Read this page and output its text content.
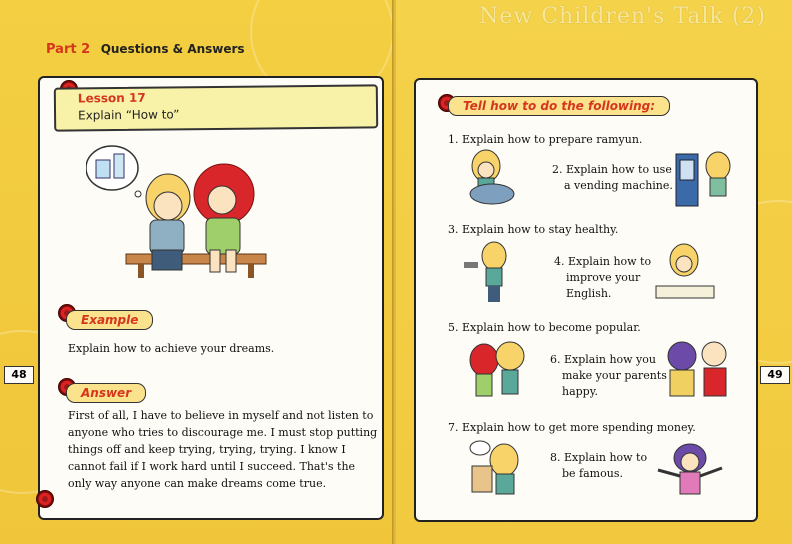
Part 2 Questions & Answers
Lesson 17
Explain “How to”
Example
Explain how to achieve your dreams.
48
Answer
First of all, I have to believe in myself and not listen to
anyone who tries to discourage me. I must stop putting
things off and keep trying, trying, trying. I know I
cannot fail if I work hard until I succeed. That's the
only way anyone can make dreams come true.
New Children's Talk (2)
Tell how to do the following:
1. Explain how to prepare ramyun.
2. Explain how to use
a vending machine.
3. Explain how to stay healthy.
4. Explain how to
improve your
English.
5. Explain how to become popular.
6. Explain how you
make your parents
happy.
7. Explain how to get more spending money.
8. Explain how to
be famous.
49
